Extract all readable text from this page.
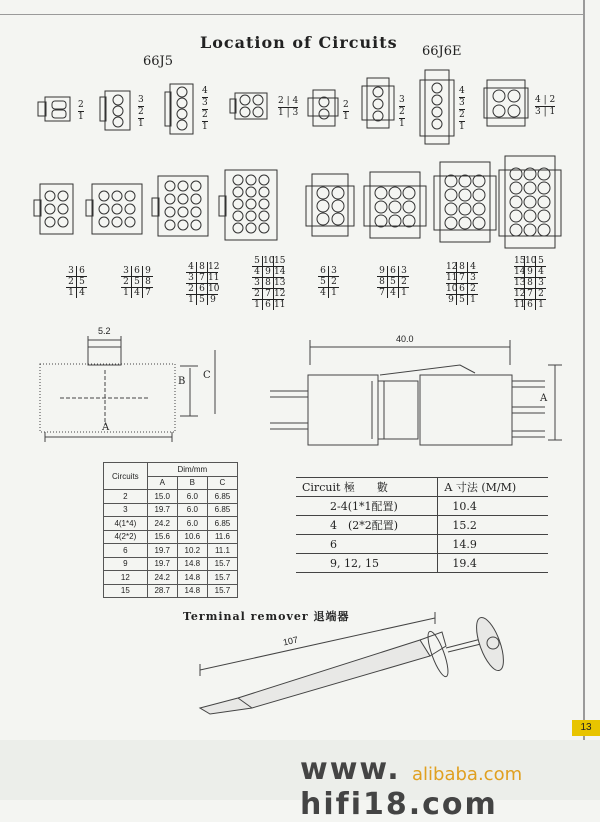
Location of Circuits
66J5
66J6E
$\frac{2}{1}$	3
2
1
4
3
2
1
$\frac{2 | 4}{1 | 3}$	$\frac{2}{1}$	3
2
1
4
3
2
1
$\frac{4 | 2}{3 | 1}$
3 6
2 5
1 4
3 6 9
2 5 8
1 4 7
4 8 12
3 7 11
2 6 10
1 5 9
5 10 15
4 9 14
3 8 13
2 7 12
1 6 11
6 3
5 2
4 1
9 6 3
8 5 2
7 4 1
12 8 4
11 7 3
10 6 2
9 5 1
15 10 5
14 9 4
13 8 3
12 7 2
11 6 1
5.2
A
B
C
40.0
A
Circuits	Dim/mm		
	A	B	C
2	15.0	6.0	6.85
3	19.7	6.0	6.85
4(1*4)	24.2	6.0	6.85
4(2*2)	15.6	10.6	11.6
6	19.7	10.2	11.1
9	19.7	14.8	15.7
12	24.2	14.8	15.7
15	28.7	14.8	15.7
Circuit 極　　數	A 寸法 (M/M)
2-4(1*1配置)	10.4
4　(2*2配置)	15.2
6	14.9
9, 12, 15	19.4
Terminal remover 退端器
107
13
www. hifi18.com
alibaba.com
